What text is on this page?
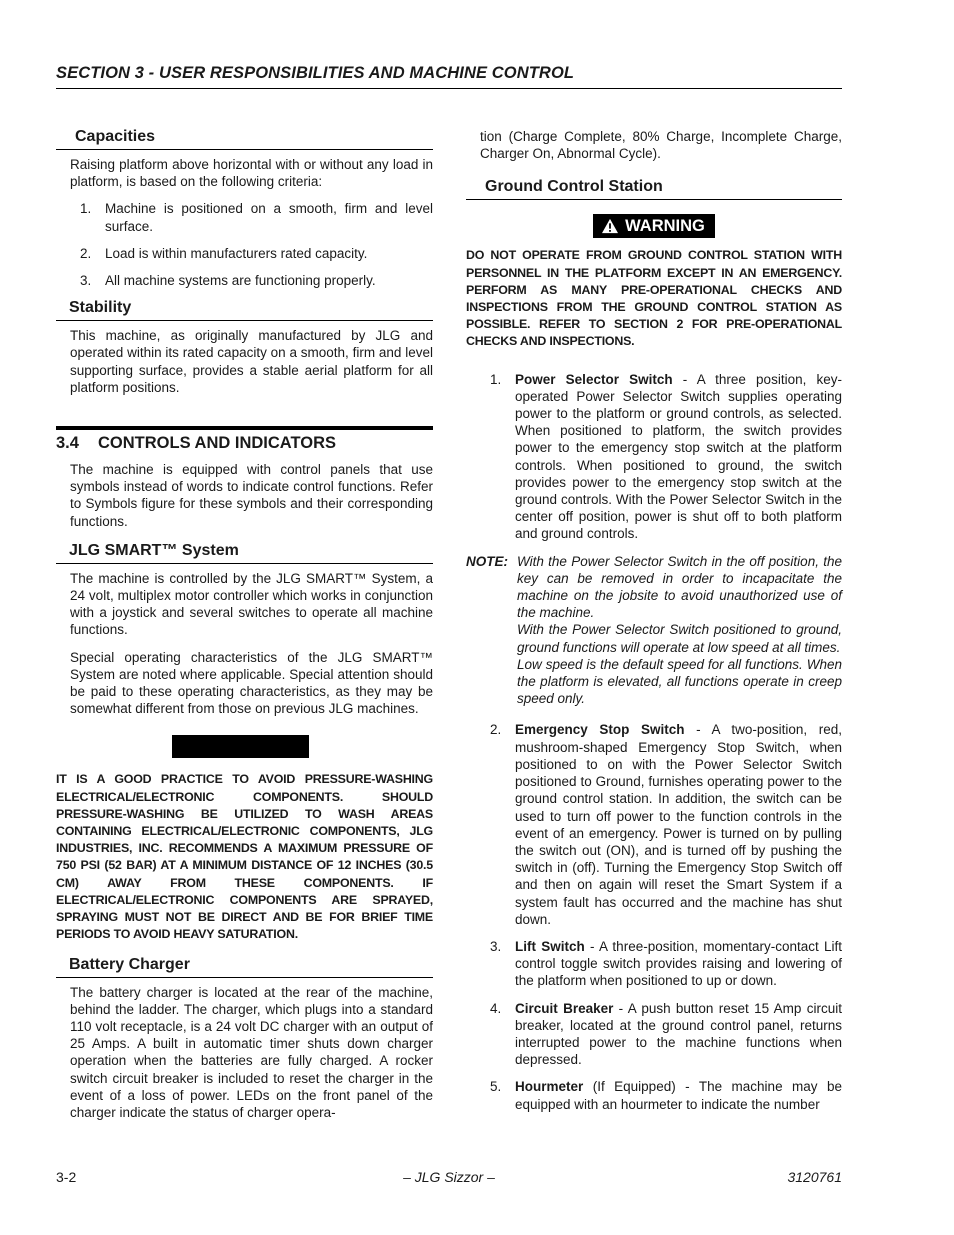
SECTION 3 - USER RESPONSIBILITIES AND MACHINE CONTROL
Capacities

Raising platform above horizontal with or without any load in platform, is based on the following criteria:

1. Machine is positioned on a smooth, firm and level surface.
2. Load is within manufacturers rated capacity.
3. All machine systems are functioning properly.
Stability

This machine, as originally manufactured by JLG and operated within its rated capacity on a smooth, firm and level supporting surface, provides a stable aerial platform for all platform positions.

3.4 CONTROLS AND INDICATORS

The machine is equipped with control panels that use symbols instead of words to indicate control functions. Refer to Symbols figure for these symbols and their corresponding functions.

JLG SMART™ System

The machine is controlled by the JLG SMART™ System, a 24 volt, multiplex motor controller which works in conjunction with a joystick and several switches to operate all machine functions.

Special operating characteristics of the JLG SMART™ System are noted where applicable. Special attention should be paid to these operating characteristics, as they may be somewhat different from those on previous JLG machines.

IT IS A GOOD PRACTICE TO AVOID PRESSURE-WASHING ELECTRICAL/ELECTRONIC COMPONENTS. SHOULD PRESSURE-WASHING BE UTILIZED TO WASH AREAS CONTAINING ELECTRICAL/ELECTRONIC COMPONENTS, JLG INDUSTRIES, INC. RECOMMENDS A MAXIMUM PRESSURE OF 750 PSI (52 BAR) AT A MINIMUM DISTANCE OF 12 INCHES (30.5 CM) AWAY FROM THESE COMPONENTS. IF ELECTRICAL/ELECTRONIC COMPONENTS ARE SPRAYED, SPRAYING MUST NOT BE DIRECT AND BE FOR BRIEF TIME PERIODS TO AVOID HEAVY SATURATION.
Battery Charger

The battery charger is located at the rear of the machine, behind the ladder. The charger, which plugs into a standard 110 volt receptacle, is a 24 volt DC charger with an output of 25 Amps. A built in automatic timer shuts down charger operation when the batteries are fully charged. A rocker switch circuit breaker is included to reset the charger in the event of a loss of power. LEDs on the front panel of the charger indicate the status of charger opera-

tion (Charge Complete, 80% Charge, Incomplete Charge, Charger On, Abnormal Cycle).

Ground Control Station
WARNING
DO NOT OPERATE FROM GROUND CONTROL STATION WITH PERSONNEL IN THE PLATFORM EXCEPT IN AN EMERGENCY. PERFORM AS MANY PRE-OPERATIONAL CHECKS AND INSPECTIONS FROM THE GROUND CONTROL STATION AS POSSIBLE. REFER TO SECTION 2 FOR PRE-OPERATIONAL CHECKS AND INSPECTIONS.
1. Power Selector Switch - A three position, key-operated Power Selector Switch supplies operating power to the platform or ground controls, as selected. When positioned to platform, the switch provides power to the emergency stop switch at the platform controls. When positioned to ground, the switch provides power to the emergency stop switch at the ground controls. With the Power Selector Switch in the center off position, power is shut off to both platform and ground controls.
NOTE: With the Power Selector Switch in the off position, the key can be removed in order to incapacitate the machine on the jobsite to avoid unauthorized use of the machine.

With the Power Selector Switch positioned to ground, ground functions will operate at low speed at all times.

Low speed is the default speed for all functions. When the platform is elevated, all functions operate in creep speed only.

2. Emergency Stop Switch - A two-position, red, mushroom-shaped Emergency Stop Switch, when positioned to on with the Power Selector Switch positioned to Ground, furnishes operating power to the ground control station. In addition, the switch can be used to turn off power to the function controls in the event of an emergency. Power is turned on by pulling the switch out (ON), and is turned off by pushing the switch in (off). Turning the Emergency Stop Switch off and then on again will reset the Smart System if a system fault has occurred and the machine has shut down.
3. Lift Switch - A three-position, momentary-contact Lift control toggle switch provides raising and lowering of the platform when positioned to up or down.
4. Circuit Breaker - A push button reset 15 Amp circuit breaker, located at the ground control panel, returns interrupted power to the machine functions when depressed.
5. Hourmeter (If Equipped) - The machine may be equipped with an hourmeter to indicate the number
3-2	– JLG Sizzor –	3120761
